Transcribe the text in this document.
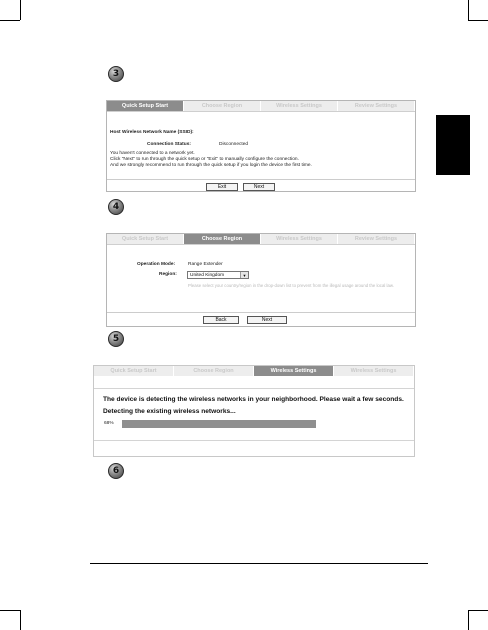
3
Quick Setup Start	Choose Region	Wireless Settings	Review Settings
Host Wireless Network Name (SSID):
Connection Status:	Disconnected
You haven't connected to a network yet.
Click "Next" to run through the quick setup or "Exit" to manually configure the connection.
And we strongly recommend to run through the quick setup if you login the device the first time.
Exit	Next
4
Quick Setup Start	Choose Region	Wireless Settings	Review Settings
Operation Mode:	Range Extender
Region:	United Kingdom	▼
Please select your country/region in the drop-down list to prevent from the illegal usage around the local law.
Back	Next
5
Quick Setup Start	Choose Region	Wireless Settings	Wireless Settings
The device is detecting the wireless networks in your neighborhood. Please wait a few seconds.
Detecting the existing wireless networks...
68%
6
